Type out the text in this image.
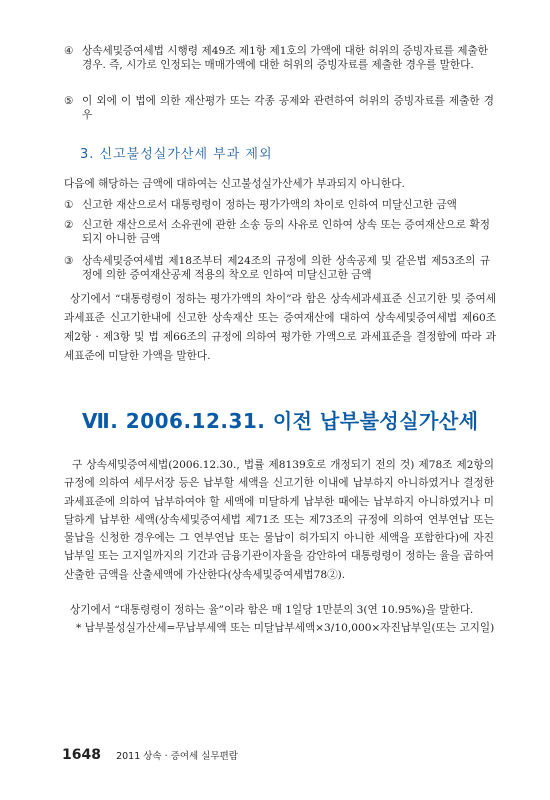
④ 상속세및증여세법 시행령 제49조 제1항 제1호의 가액에 대한 허위의 증빙자료를 제출한 경우. 즉, 시가로 인정되는 매매가액에 대한 허위의 증빙자료를 제출한 경우를 말한다.
⑤ 이 외에 이 법에 의한 재산평가 또는 각종 공제와 관련하여 허위의 증빙자료를 제출한 경우
3. 신고불성실가산세 부과 제외
다음에 해당하는 금액에 대하여는 신고불성실가산세가 부과되지 아니한다.
① 신고한 재산으로서 대통령령이 정하는 평가가액의 차이로 인하여 미달신고한 금액
② 신고한 재산으로서 소유권에 관한 소송 등의 사유로 인하여 상속 또는 증여재산으로 확정되지 아니한 금액
③ 상속세및증여세법 제18조부터 제24조의 규정에 의한 상속공제 및 같은법 제53조의 규정에 의한 증여재산공제 적용의 착오로 인하여 미달신고한 금액
상기에서 “대통령령이 정하는 평가가액의 차이”라 함은 상속세과세표준 신고기한 및 증여세과세표준 신고기한내에 신고한 상속재산 또는 증여재산에 대하여 상속세및증여세법 제60조 제2항 · 제3항 및 법 제66조의 규정에 의하여 평가한 가액으로 과세표준을 결정함에 따라 과세표준에 미달한 가액을 말한다.
Ⅶ. 2006.12.31. 이전 납부불성실가산세
구 상속세및증여세법(2006.12.30., 법률 제8139호로 개정되기 전의 것) 제78조 제2항의 규정에 의하여 세무서장 등은 납부할 세액을 신고기한 이내에 납부하지 아니하였거나 결정한 과세표준에 의하여 납부하여야 할 세액에 미달하게 납부한 때에는 납부하지 아니하였거나 미달하게 납부한 세액(상속세및증여세법 제71조 또는 제73조의 규정에 의하여 연부연납 또는 물납을 신청한 경우에는 그 연부연납 또는 물납이 허가되지 아니한 세액을 포함한다)에 자진납부일 또는 고지일까지의 기간과 금융기관이자율을 감안하여 대통령령이 정하는 율을 곱하여 산출한 금액을 산출세액에 가산한다(상속세및증여세법78②).
상기에서 “대통령령이 정하는 율”이라 함은 매 1일당 1만분의 3(연 10.95%)을 말한다.
* 납부불성실가산세=무납부세액 또는 미달납부세액×3/10,000×자진납부일(또는 고지일)
1648 2011 상속 · 증여세 실무편람
